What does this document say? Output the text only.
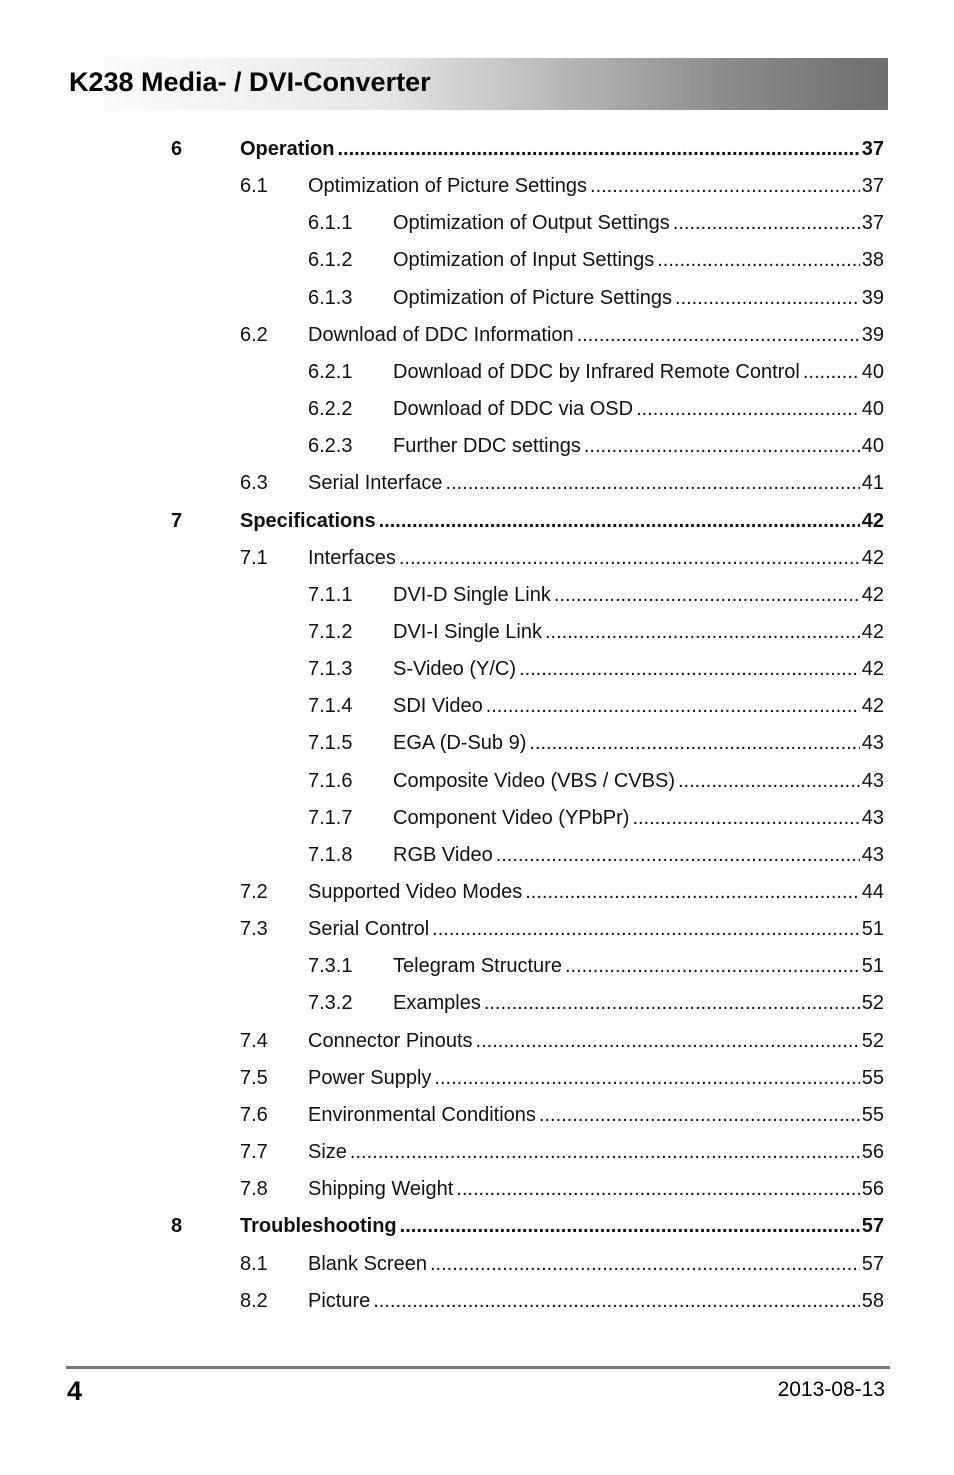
K238 Media- / DVI-Converter
6	Operation .....	37
6.1 Optimization of Picture Settings .....	37
6.1.1 Optimization of Output Settings .....	37
6.1.2 Optimization of Input Settings .....	38
6.1.3 Optimization of Picture Settings .....	39
6.2 Download of DDC Information .....	39
6.2.1 Download of DDC by Infrared Remote Control .....	40
6.2.2 Download of DDC via OSD .....	40
6.2.3 Further DDC settings .....	40
6.3 Serial Interface .....	41
7	Specifications .....	42
7.1 Interfaces .....	42
7.1.1 DVI-D Single Link .....	42
7.1.2 DVI-I Single Link .....	42
7.1.3 S-Video (Y/C) .....	42
7.1.4 SDI Video .....	42
7.1.5 EGA (D-Sub 9) .....	43
7.1.6 Composite Video (VBS / CVBS) .....	43
7.1.7 Component Video (YPbPr) .....	43
7.1.8 RGB Video .....	43
7.2 Supported Video Modes .....	44
7.3 Serial Control .....	51
7.3.1 Telegram Structure .....	51
7.3.2 Examples .....	52
7.4 Connector Pinouts .....	52
7.5 Power Supply .....	55
7.6 Environmental Conditions .....	55
7.7 Size .....	56
7.8 Shipping Weight .....	56
8	Troubleshooting .....	57
8.1 Blank Screen .....	57
8.2 Picture .....	58
4	2013-08-13
